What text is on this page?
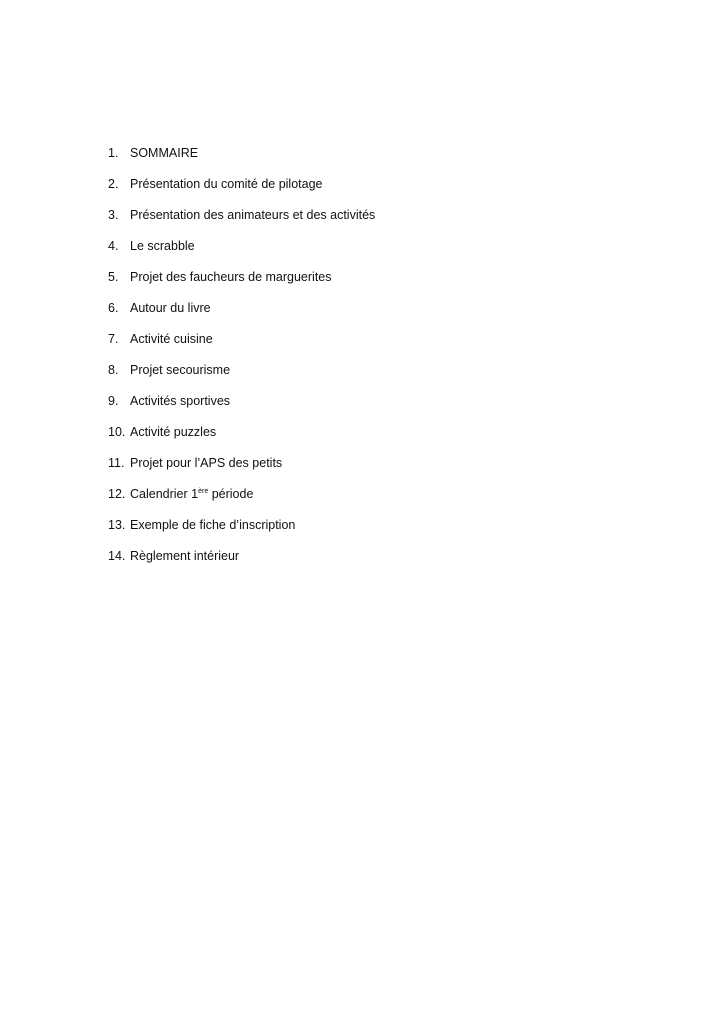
1. SOMMAIRE
2. Présentation du comité de pilotage
3. Présentation des animateurs et des activités
4. Le scrabble
5. Projet des faucheurs de marguerites
6. Autour du livre
7. Activité cuisine
8. Projet secourisme
9. Activités sportives
10. Activité puzzles
11. Projet pour l’APS des petits
12. Calendrier 1ère période
13. Exemple de fiche d’inscription
14. Règlement intérieur
